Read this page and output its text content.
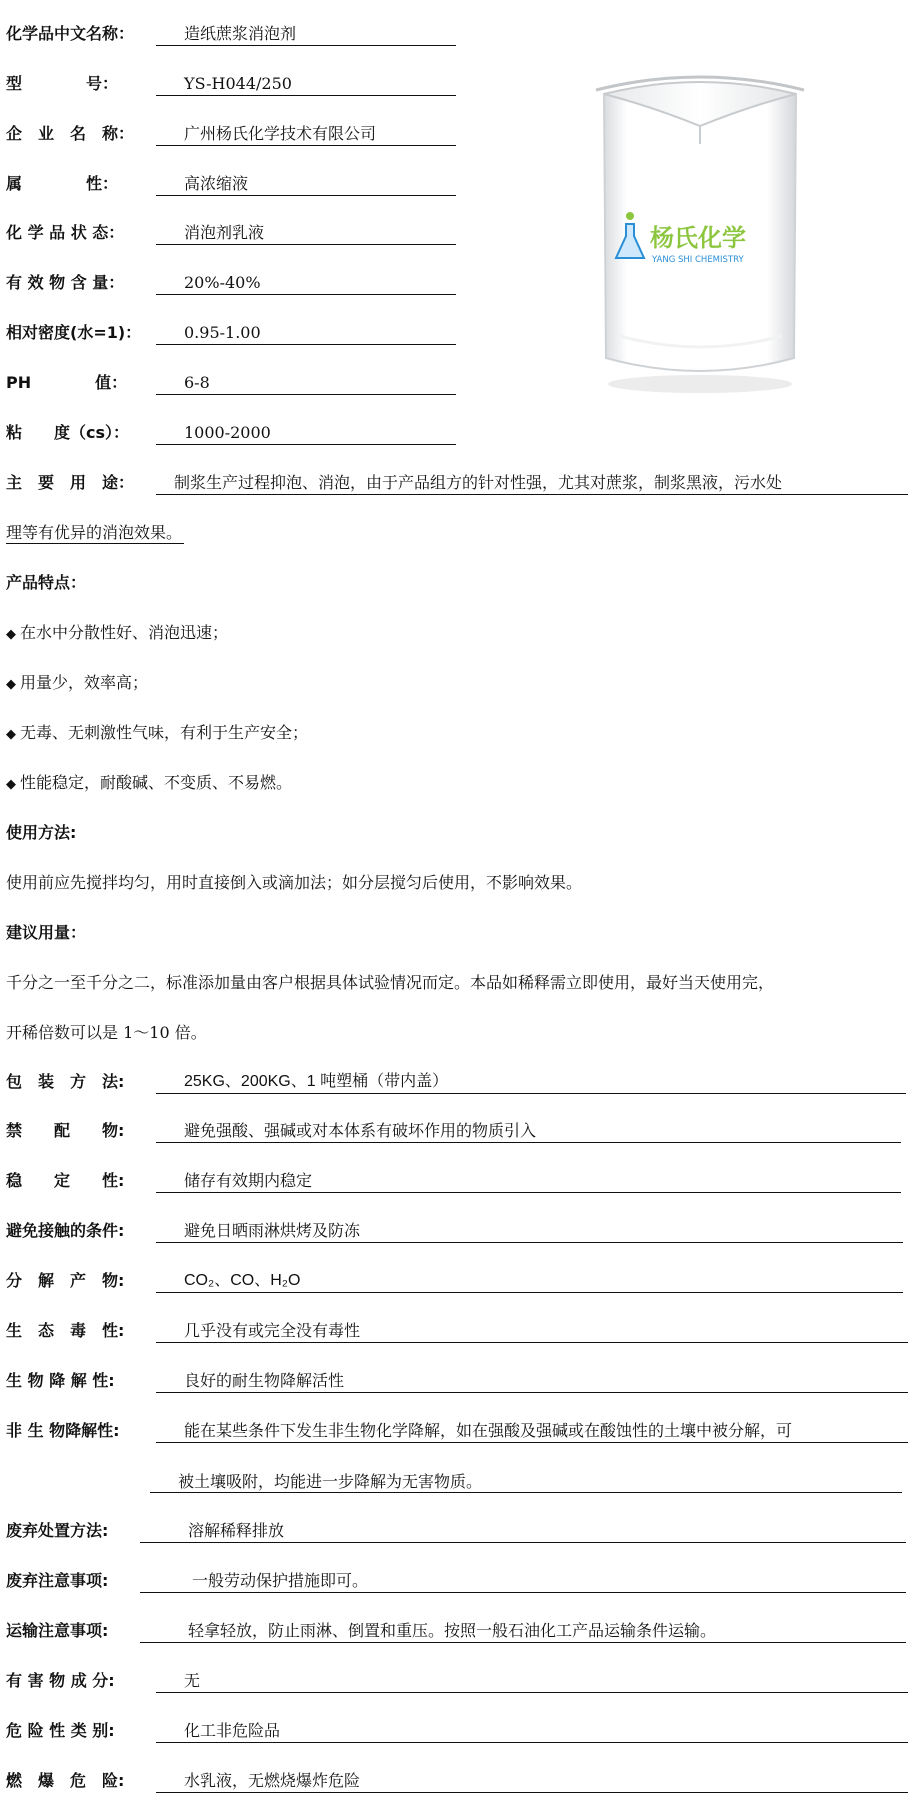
化学品中文名称：	造纸蔗浆消泡剂
型　　　　号：	YS-H044/250
企　业　名　称：	广州杨氏化学技术有限公司
属　　　　性：	高浓缩液
化 学 品 状 态：	消泡剂乳液
有 效 物 含 量：	20%-40%
相对密度(水=1)：	0.95-1.00
PH　　　　值：	6-8
粘　　度（cs）：	1000-2000
杨氏化学
YANG SHI CHEMISTRY
主　要　用　途：	制浆生产过程抑泡、消泡，由于产品组方的针对性强，尤其对蔗浆，制浆黑液，污水处
理等有优异的消泡效果。
产品特点：
◆ 在水中分散性好、消泡迅速；
◆ 用量少，效率高；
◆ 无毒、无刺激性气味，有利于生产安全；
◆ 性能稳定，耐酸碱、不变质、不易燃。
使用方法:
使用前应先搅拌均匀，用时直接倒入或滴加法；如分层搅匀后使用，不影响效果。
建议用量：
千分之一至千分之二，标准添加量由客户根据具体试验情况而定。本品如稀释需立即使用，最好当天使用完，
开稀倍数可以是 1～10 倍。
包　装　方　法:	25KG、200KG、1 吨塑桶（带内盖）
禁　　配　　物:	避免强酸、强碱或对本体系有破坏作用的物质引入
稳　　定　　性:	储存有效期内稳定
避免接触的条件:	避免日晒雨淋烘烤及防冻
分　解　产　物:	CO₂、CO、H₂O
生　态　毒　性:	几乎没有或完全没有毒性
生 物 降 解 性:	良好的耐生物降解活性
非 生 物降解性:	能在某些条件下发生非生物化学降解，如在强酸及强碱或在酸蚀性的土壤中被分解，可
被土壤吸附，均能进一步降解为无害物质。
废弃处置方法:	溶解稀释排放
废弃注意事项:	一般劳动保护措施即可。
运输注意事项:	轻拿轻放，防止雨淋、倒置和重压。按照一般石油化工产品运输条件运输。
有 害 物 成 分:	无
危 险 性 类 别:	化工非危险品
燃　爆　危　险:	水乳液，无燃烧爆炸危险
